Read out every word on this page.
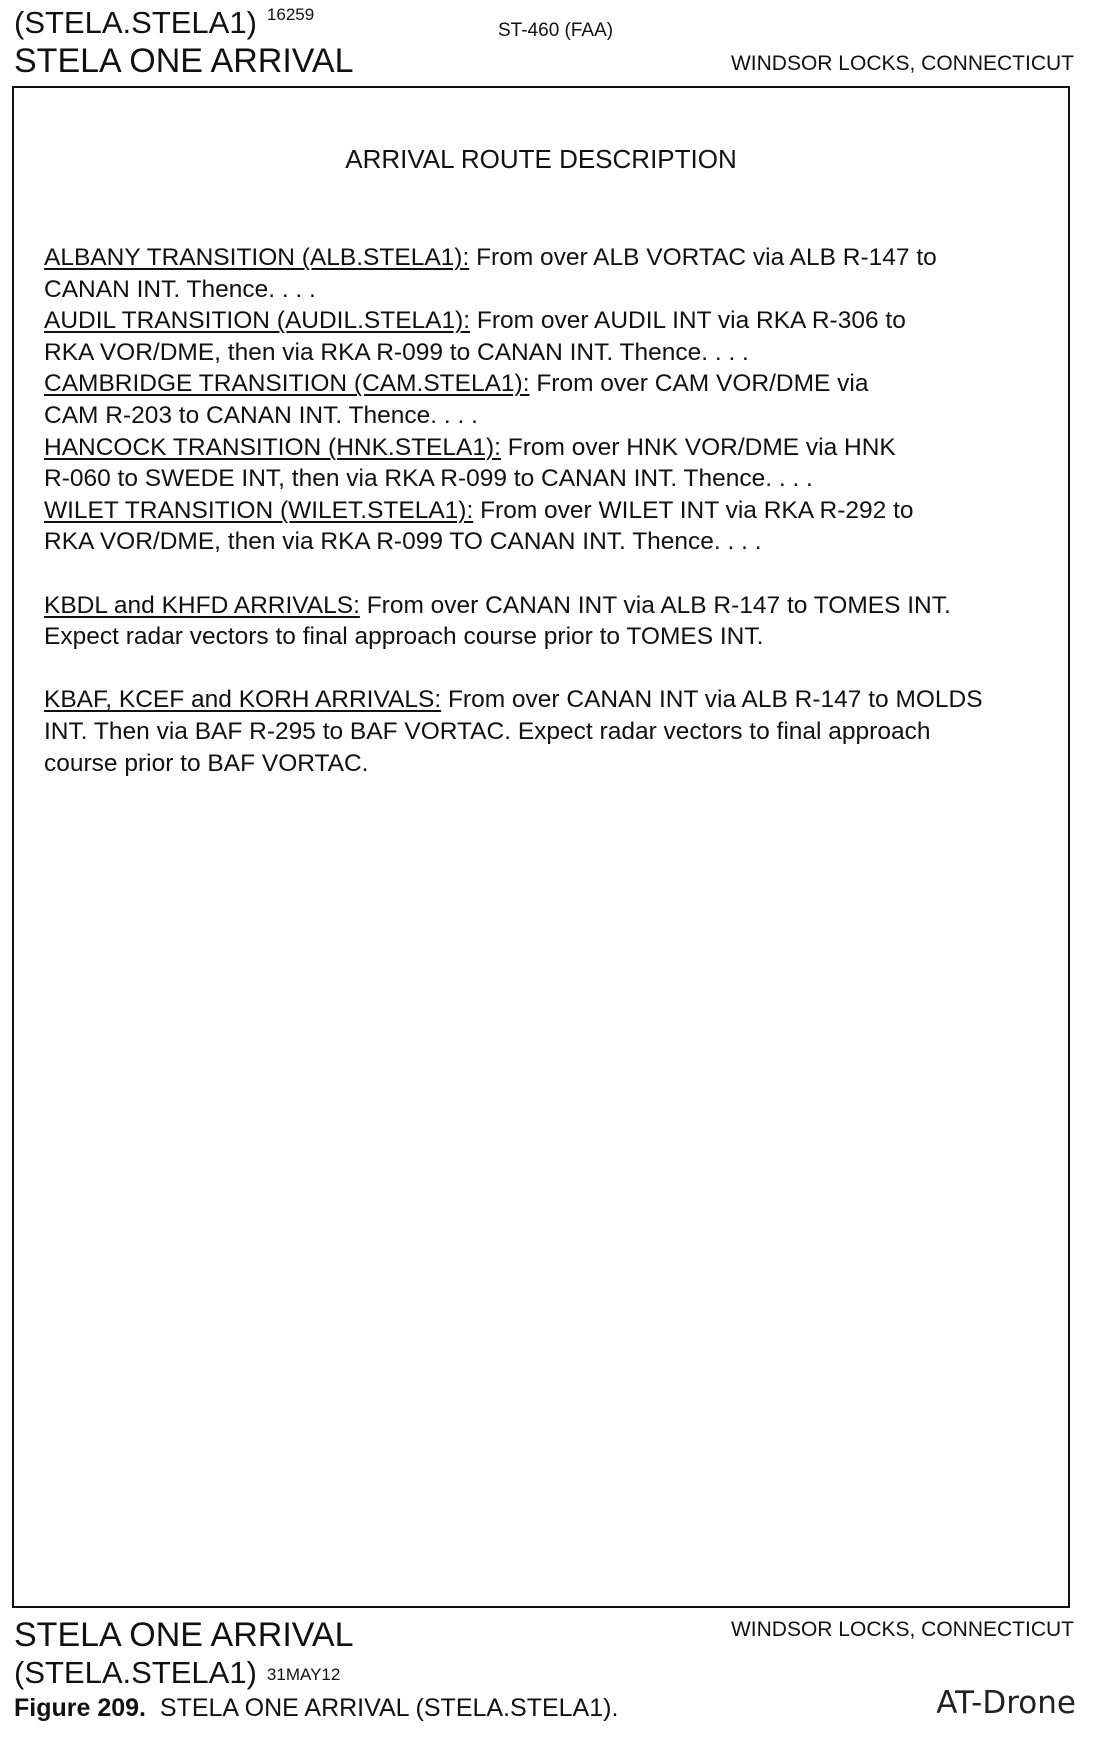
(STELA.STELA1) $^{16259}$
ST-460 (FAA)
STELA ONE ARRIVAL	WINDSOR LOCKS, CONNECTICUT
ARRIVAL ROUTE DESCRIPTION

ALBANY TRANSITION (ALB.STELA1): From over ALB VORTAC via ALB R-147 to
CANAN INT. Thence. . . .

AUDIL TRANSITION (AUDIL.STELA1): From over AUDIL INT via RKA R-306 to
RKA VOR/DME, then via RKA R-099 to CANAN INT. Thence. . . .

CAMBRIDGE TRANSITION (CAM.STELA1): From over CAM VOR/DME via
CAM R-203 to CANAN INT. Thence. . . .

HANCOCK TRANSITION (HNK.STELA1): From over HNK VOR/DME via HNK
R-060 to SWEDE INT, then via RKA R-099 to CANAN INT. Thence. . . .

WILET TRANSITION (WILET.STELA1): From over WILET INT via RKA R-292 to
RKA VOR/DME, then via RKA R-099 TO CANAN INT. Thence. . . .

KBDL and KHFD ARRIVALS: From over CANAN INT via ALB R-147 to TOMES INT.
Expect radar vectors to final approach course prior to TOMES INT.

KBAF, KCEF and KORH ARRIVALS: From over CANAN INT via ALB R-147 to MOLDS
INT. Then via BAF R-295 to BAF VORTAC. Expect radar vectors to final approach
course prior to BAF VORTAC.

STELA ONE ARRIVAL	WINDSOR LOCKS, CONNECTICUT
(STELA.STELA1) 31MAY12
Figure 209.  STELA ONE ARRIVAL (STELA.STELA1).	AT-Drone
